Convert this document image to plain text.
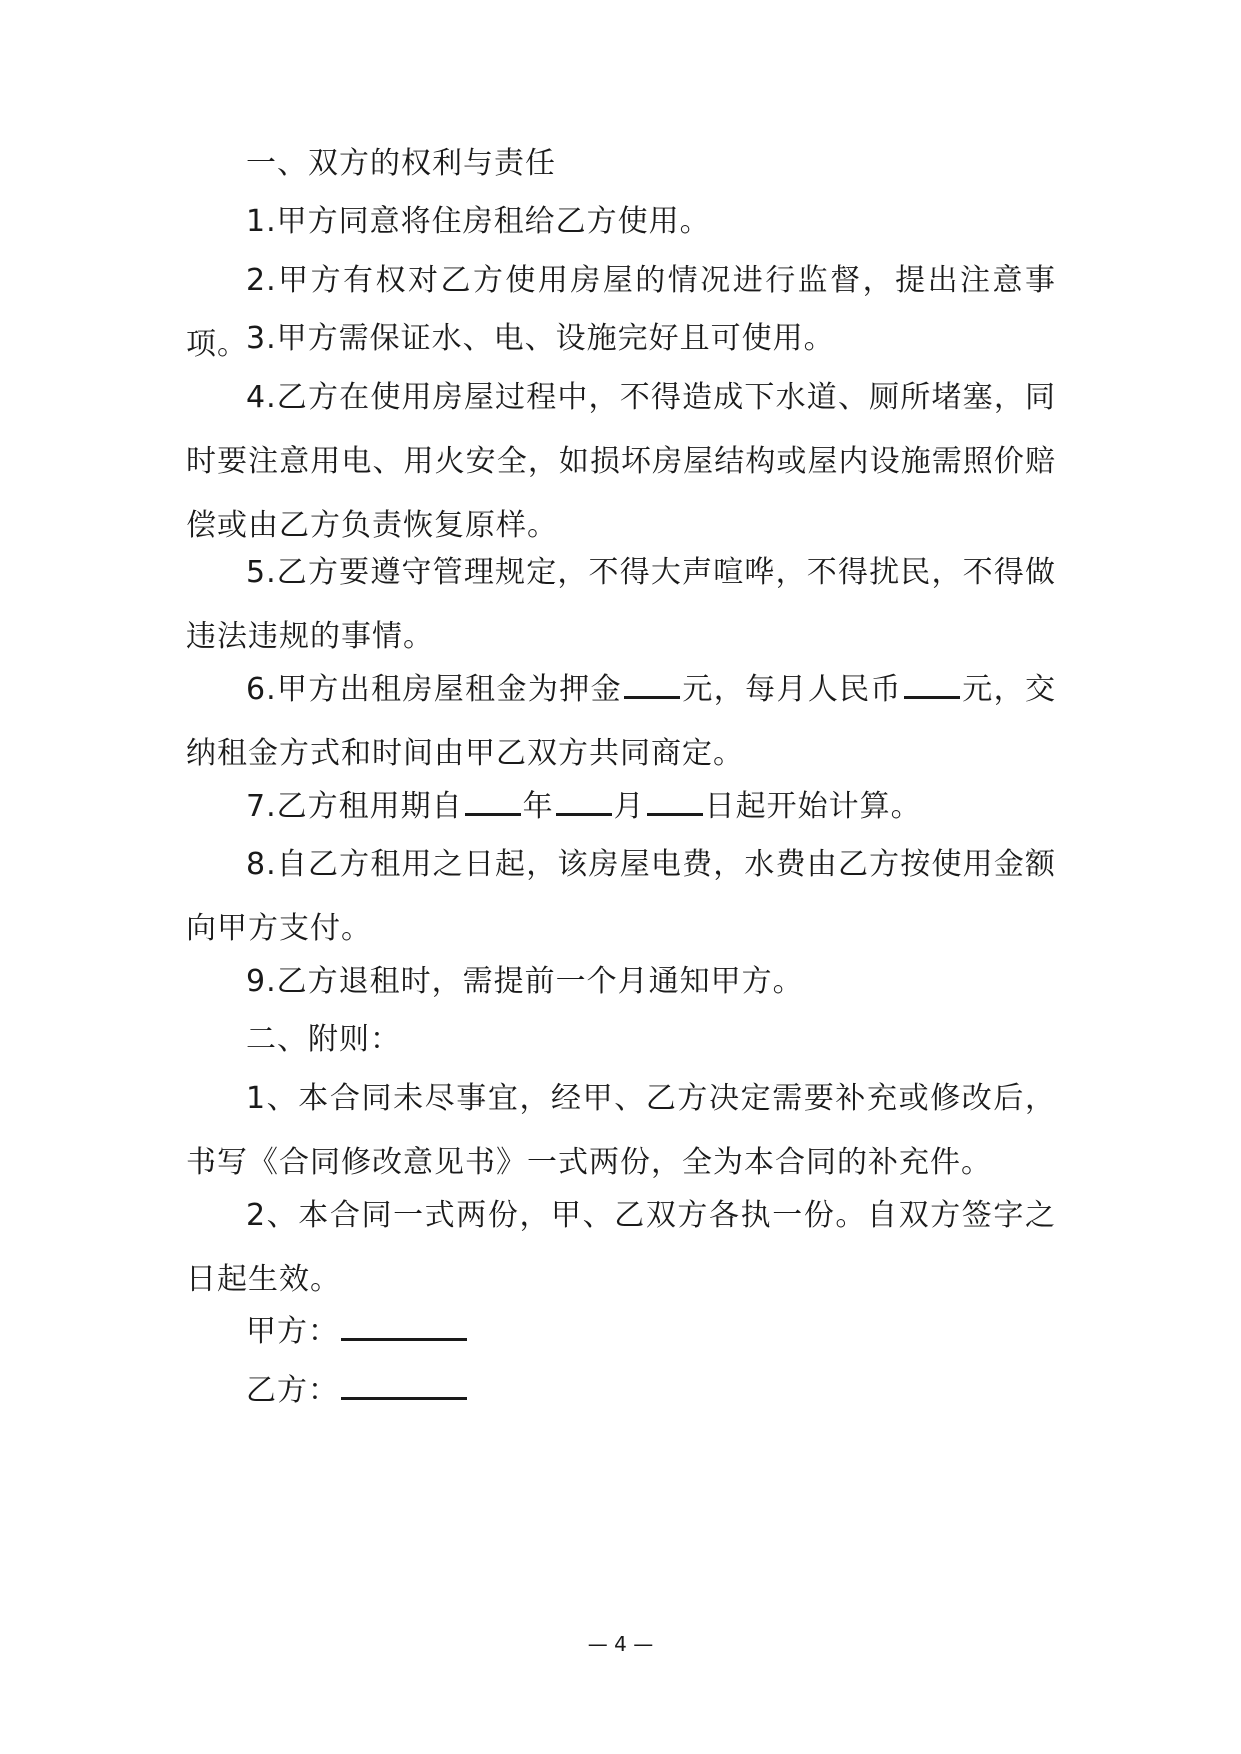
一、双方的权利与责任

1.甲方同意将住房租给乙方使用。

2.甲方有权对乙方使用房屋的情况进行监督，提出注意事项。

3.甲方需保证水、电、设施完好且可使用。

4.乙方在使用房屋过程中，不得造成下水道、厕所堵塞，同时要注意用电、用火安全，如损坏房屋结构或屋内设施需照价赔偿或由乙方负责恢复原样。

5.乙方要遵守管理规定，不得大声喧哗，不得扰民，不得做违法违规的事情。

6.甲方出租房屋租金为押金 元，每月人民币 元，交纳租金方式和时间由甲乙双方共同商定。

7.乙方租用期自 年 月 日起开始计算。

8.自乙方租用之日起，该房屋电费，水费由乙方按使用金额向甲方支付。

9.乙方退租时，需提前一个月通知甲方。

二、附则：

1、本合同未尽事宜，经甲、乙方决定需要补充或修改后，书写《合同修改意见书》一式两份，全为本合同的补充件。

2、本合同一式两份，甲、乙双方各执一份。自双方签字之日起生效。

甲方：
乙方：
— 4 —
